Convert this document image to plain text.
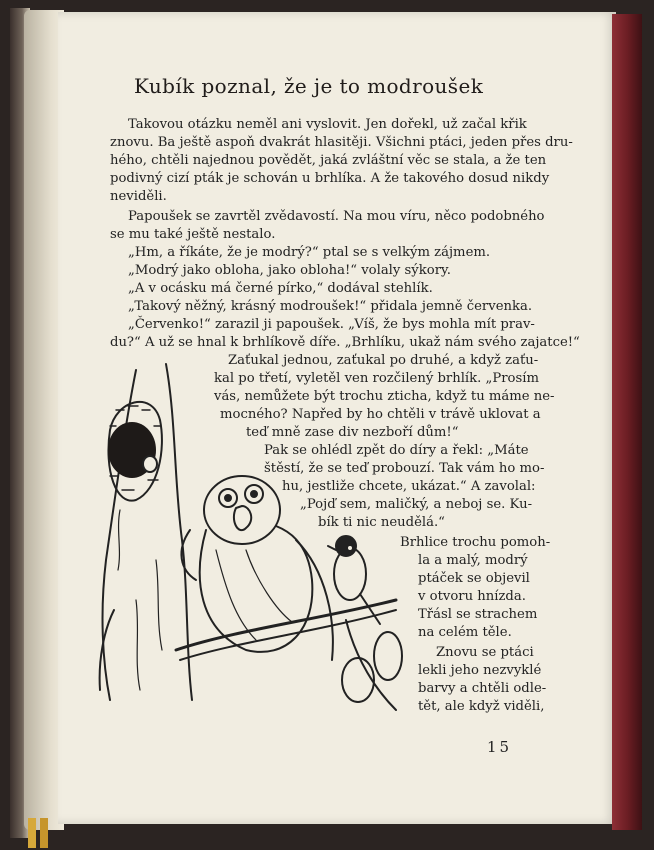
Kubík poznal, že je to modroušek
Takovou otázku neměl ani vyslovit. Jen dořekl, už začal křik
znovu. Ba ještě aspoň dvakrát hlasitěji. Všichni ptáci, jeden přes dru-
hého, chtěli najednou povědět, jaká zvláštní věc se stala, a že ten
podivný cizí pták je schován u brhlíka. A že takového dosud nikdy
neviděli.
Papoušek se zavrtěl zvědavostí. Na mou víru, něco podobného
se mu také ještě nestalo.
„Hm, a říkáte, že je modrý?“ ptal se s velkým zájmem.
„Modrý jako obloha, jako obloha!“ volaly sýkory.
„A v ocásku má černé pírko,“ dodával stehlík.
„Takový něžný, krásný modroušek!“ přidala jemně červenka.
„Červenko!“ zarazil ji papoušek. „Víš, že bys mohla mít prav-
du?“ A už se hnal k brhlíkově díře. „Brhlíku, ukaž nám svého zajatce!“
Zaťukal jednou, zaťukal po druhé, a když zaťu-
kal po třetí, vyletěl ven rozčilený brhlík. „Prosím
vás, nemůžete být trochu zticha, když tu máme ne-
mocného? Napřed by ho chtěli v trávě uklovat a
teď mně zase div nezboří dům!“
Pak se ohlédl zpět do díry a řekl: „Máte
štěstí, že se teď probouzí. Tak vám ho mo-
hu, jestliže chcete, ukázat.“ A zavolal:
„Pojď sem, maličký, a neboj se. Ku-
bík ti nic neudělá.“
Brhlice trochu pomoh-
la a malý, modrý
ptáček se objevil
v otvoru hnízda.
Třásl se strachem
na celém těle.
Znovu se ptáci
lekli jeho nezvyklé
barvy a chtěli odle-
tět, ale když viděli,
15
